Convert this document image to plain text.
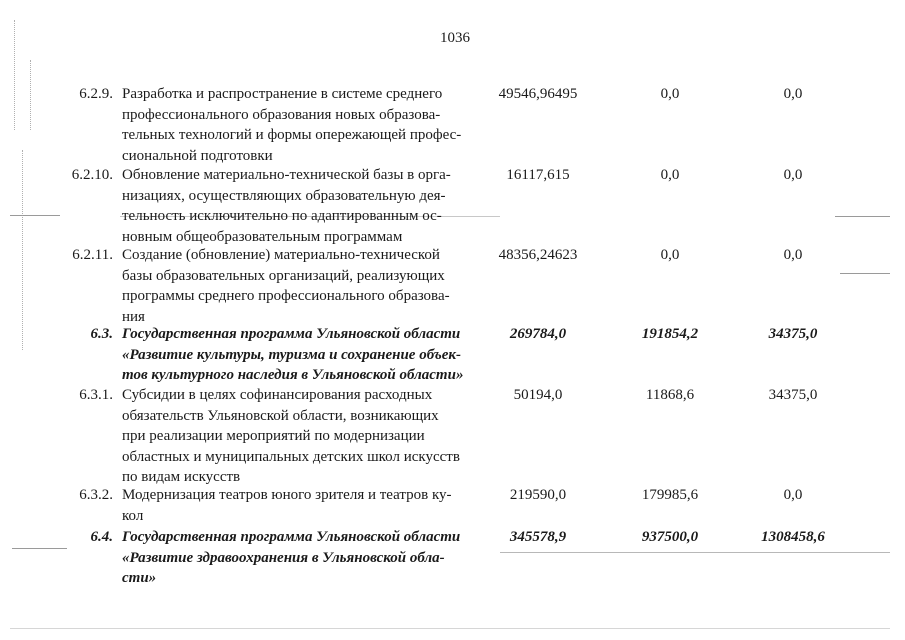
1036
6.2.9. Разработка и распространение в системе среднего
профессионального образования новых образова-
тельных технологий и формы опережающей профес-
сиональной подготовки
49546,96495	0,0	0,0
6.2.10. Обновление материально-технической базы в орга-
низациях, осуществляющих образовательную дея-
тельность исключительно по адаптированным ос-
новным общеобразовательным программам
16117,615	0,0	0,0
6.2.11. Создание (обновление) материально-технической
базы образовательных организаций, реализующих
программы среднего профессионального образова-
ния
48356,24623	0,0	0,0
6.3. Государственная программа Ульяновской области
«Развитие культуры, туризма и сохранение объек-
тов культурного наследия в Ульяновской области»
269784,0	191854,2	34375,0
6.3.1. Субсидии в целях софинансирования расходных
обязательств Ульяновской области, возникающих
при реализации мероприятий по модернизации
областных и муниципальных детских школ искусств
по видам искусств
50194,0	11868,6	34375,0
6.3.2. Модернизация театров юного зрителя и театров ку-
кол
219590,0	179985,6	0,0
6.4. Государственная программа Ульяновской области
«Развитие здравоохранения в Ульяновской обла-
сти»
345578,9	937500,0	1308458,6
